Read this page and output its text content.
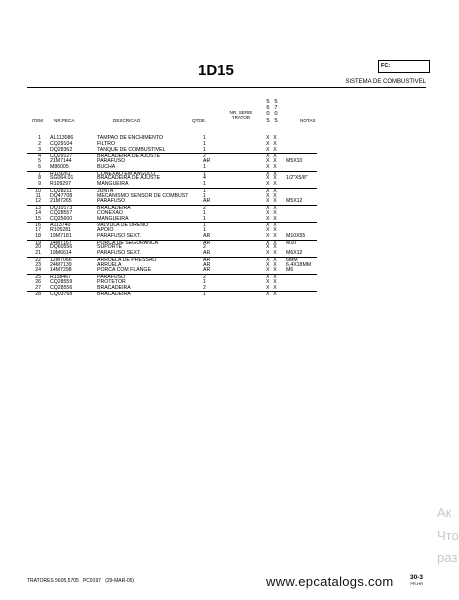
1D15	FC:
SISTEMA DE COMBUSTIVEL
5
6
0
5
5
7
0
5
ITEM NR.PECA	DESCRICAO	QTDE.
NR. SERIE
TRATOR
NOTAS
1 AL113086	TAMPAO DE ENCHIMENTO	1	X X
2 CQ29104	FILTRO	1	X X
3 DQ28362	TANQUE DE COMBUSTIVEL	1	X X
4 CQ29127	BRACADEIRA DE AJUSTE	2	X X
5 21M7144	PARAFUSO	AR	X X M5X10
6 M86005	BUCHA	1	X X
7 R119261	CONEXAO EM ANGULO	1	X X
8 SG064.01	BRACADEIRA DE AJUSTE	4	X X 1/2"X5/8"
9 R109297	MANGUEIRA	1	X X
10 CQ28211	JUNTA	1	X X
11 DQ47708	MECANISMO SENSOR DE COMBUST	1	X X
12 21M7265	PARAFUSO	AR	X X M5X12
13 DQ10173	BRACADEIRA	2	X X
14 CQ28557	CONEXAO	1	X X
15 CQ25600	MANGUEIRA	1	X X
16 A113740	VALVULA DE DRENO	1	X X
17 R105281	APOIO	1	X X
18 19M7181	PARAFUSO SEXT.	AR	X X M10X55
19 14M7167	PORCA DE SEGURANCA	AR	X X M10
20 DQ60556	SUPORTE	2	X X
21 19M6614	PARAFUSO SEXT.	AR	X X M6X12
22 12M7066	ARRUELA DE PRESSAO	AR	X X 6MM
23 24M7139	ARRUELA	AR	X X 6,4X18MM
24 14M7298	PORCA COM FLANGE	AR	X X M6
25 R138467	PARAFUSO	2	X X
26 CQ28559	PROTETOR	1	X X
27 CQ28556	BRACADEIRA	2	X X
28 CQ03768	BRACADEIRA	1	X X
TRATORES 5605,5705   PC9197   (29-MAR-05)	30-3
PR-HR
www.epcatalogs.com
Ак
Что
раз
